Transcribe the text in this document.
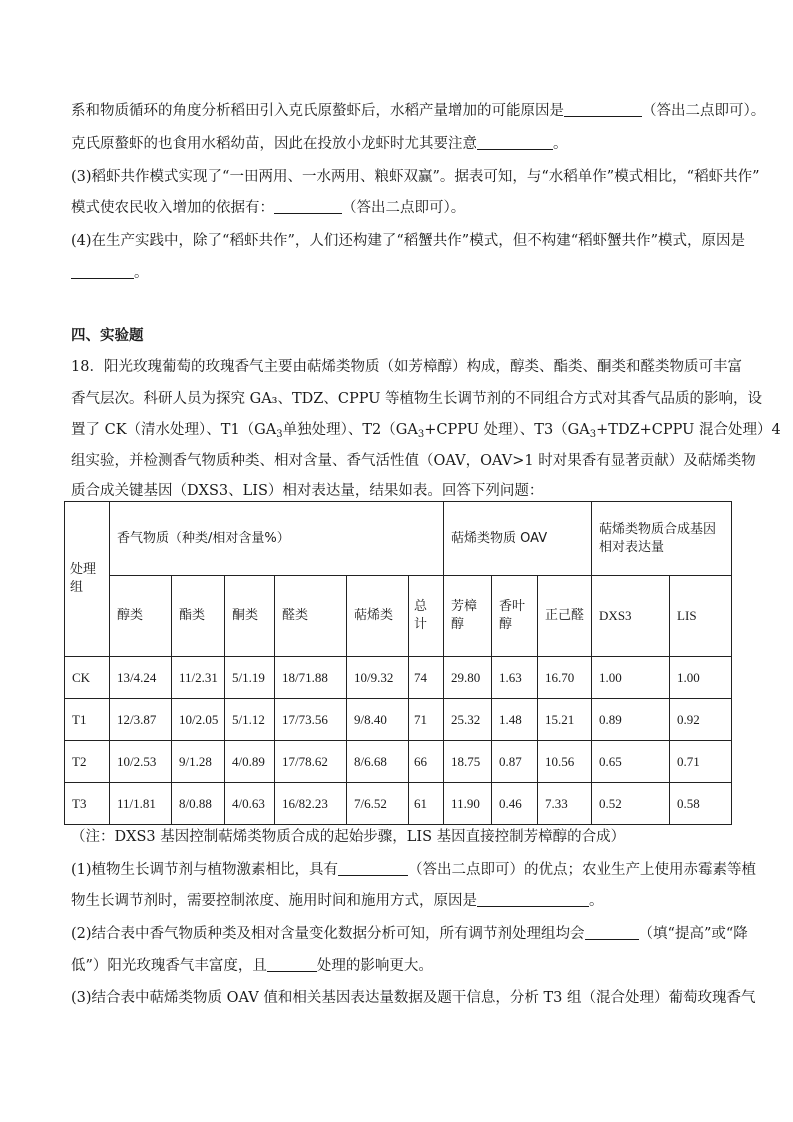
系和物质循环的角度分析稻田引入克氏原螯虾后，水稻产量增加的可能原因是	（答出二点即可）。
克氏原螯虾的也食用水稻幼苗，因此在投放小龙虾时尤其要注意	。
(3)稻虾共作模式实现了“一田两用、一水两用、粮虾双赢”。据表可知，与“水稻单作”模式相比，“稻虾共作”
模式使农民收入增加的依据有：	（答出二点即可）。
(4)在生产实践中，除了“稻虾共作”，人们还构建了“稻蟹共作”模式，但不构建“稻虾蟹共作”模式，原因是
。
四、实验题
18．阳光玫瑰葡萄的玫瑰香气主要由萜烯类物质（如芳樟醇）构成，醇类、酯类、酮类和醛类物质可丰富
香气层次。科研人员为探究 GA₃、TDZ、CPPU 等植物生长调节剂的不同组合方式对其香气品质的影响，设
置了 CK（清水处理）、$T1(GA_3$单独处理）、$T2(GA_3+CPPU$ 处理）、$T3(GA_3+TDZ+CPPU$ 混合处理）4
组实验，并检测香气物质种类、相对含量、香气活性值（OAV，OAV>1 时对果香有显著贡献）及萜烯类物
质合成关键基因（DXS3、LIS）相对表达量，结果如表。回答下列问题：
处理组	香气物质（种类/相对含量%）						萜烯类物质 OAV			萜烯类物质合成基因相对表达量	
	醇类	酯类	酮类	醛类	萜烯类	总计	芳樟醇	香叶醇	正己醛	DXS3	LIS
CK	13/4.24	11/2.31	5/1.19	18/71.88	10/9.32	74	29.80	1.63	16.70	1.00	1.00
T1	12/3.87	10/2.05	5/1.12	17/73.56	9/8.40	71	25.32	1.48	15.21	0.89	0.92
T2	10/2.53	9/1.28	4/0.89	17/78.62	8/6.68	66	18.75	0.87	10.56	0.65	0.71
T3	11/1.81	8/0.88	4/0.63	16/82.23	7/6.52	61	11.90	0.46	7.33	0.52	0.58
（注：DXS3 基因控制萜烯类物质合成的起始步骤，LIS 基因直接控制芳樟醇的合成）
(1)植物生长调节剂与植物激素相比，具有	（答出二点即可）的优点；农业生产上使用赤霉素等植
物生长调节剂时，需要控制浓度、施用时间和施用方式，原因是	。
(2)结合表中香气物质种类及相对含量变化数据分析可知，所有调节剂处理组均会	（填“提高”或“降
低”）阳光玫瑰香气丰富度，且	处理的影响更大。
(3)结合表中萜烯类物质 OAV 值和相关基因表达量数据及题干信息，分析 T3 组（混合处理）葡萄玫瑰香气
